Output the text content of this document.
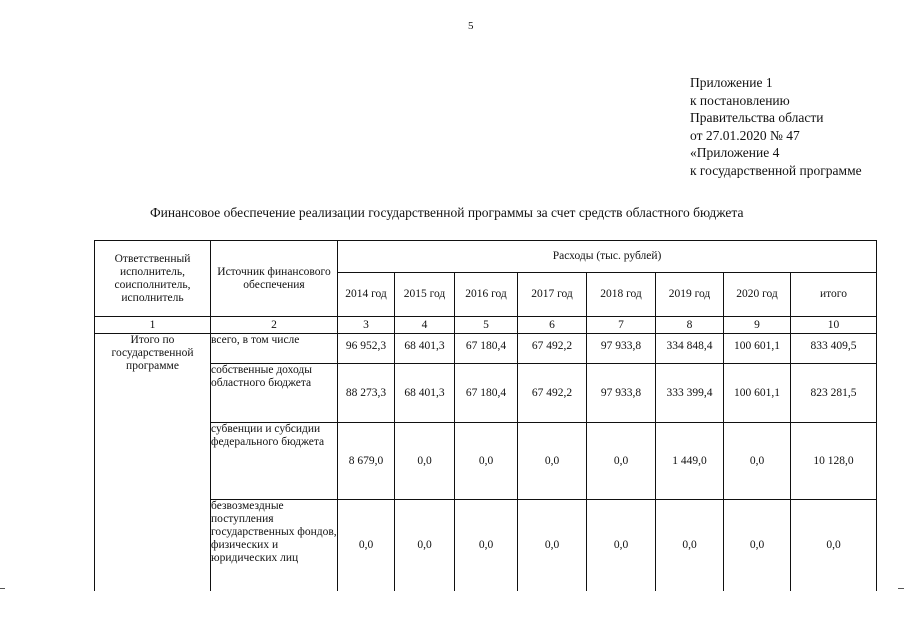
5
Приложение 1
к постановлению
Правительства области
от 27.01.2020 № 47
«Приложение 4
к государственной программе
Финансовое обеспечение реализации государственной программы за счет средств областного бюджета
Ответственный исполнитель, соисполнитель, исполнитель	Источник финансового обеспечения	Расходы (тыс. рублей)							
		2014 год	2015 год	2016 год	2017 год	2018 год	2019 год	2020 год	итого
1	2	3	4	5	6	7	8	9	10
Итого по государственной программе	всего, в том числе	96 952,3	68 401,3	67 180,4	67 492,2	97 933,8	334 848,4	100 601,1	833 409,5
	собственные доходы областного бюджета	88 273,3	68 401,3	67 180,4	67 492,2	97 933,8	333 399,4	100 601,1	823 281,5
	субвенции и субсидии федерального бюджета	8 679,0	0,0	0,0	0,0	0,0	1 449,0	0,0	10 128,0
	безвозмездные поступления государственных фондов, физических и юридических лиц	0,0	0,0	0,0	0,0	0,0	0,0	0,0	0,0
